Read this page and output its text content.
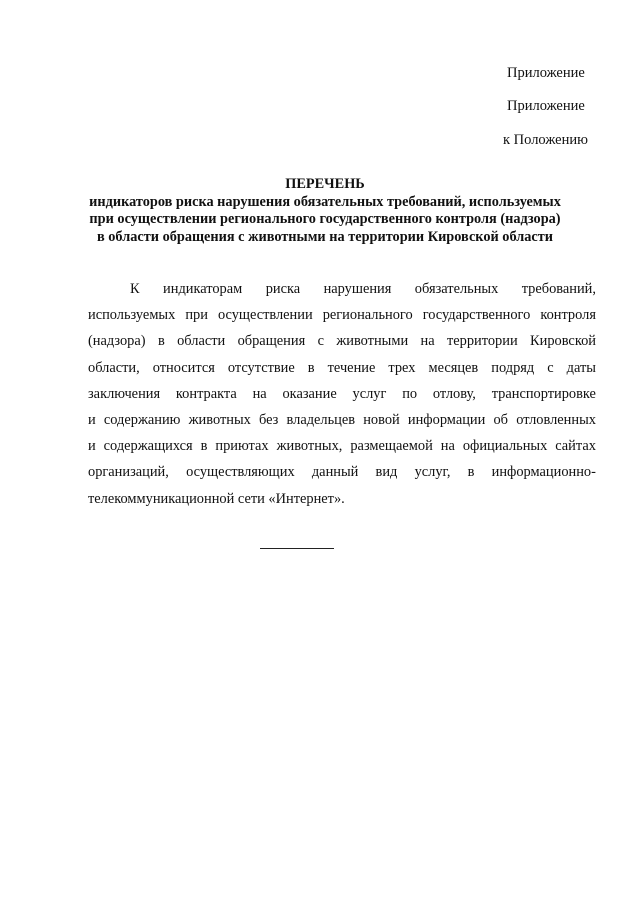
Приложение
Приложение
к Положению
ПЕРЕЧЕНЬ
индикаторов риска нарушения обязательных требований, используемых
при осуществлении регионального государственного контроля (надзора)
в области обращения с животными на территории Кировской области
К индикаторам риска нарушения обязательных требований,
используемых при осуществлении регионального государственного контроля
(надзора) в области обращения с животными на территории Кировской
области, относится отсутствие в течение трех месяцев подряд с даты
заключения контракта на оказание услуг по отлову, транспортировке
и содержанию животных без владельцев новой информации об отловленных
и содержащихся в приютах животных, размещаемой на официальных сайтах
организаций, осуществляющих данный вид услуг, в информационно-
телекоммуникационной сети «Интернет».
